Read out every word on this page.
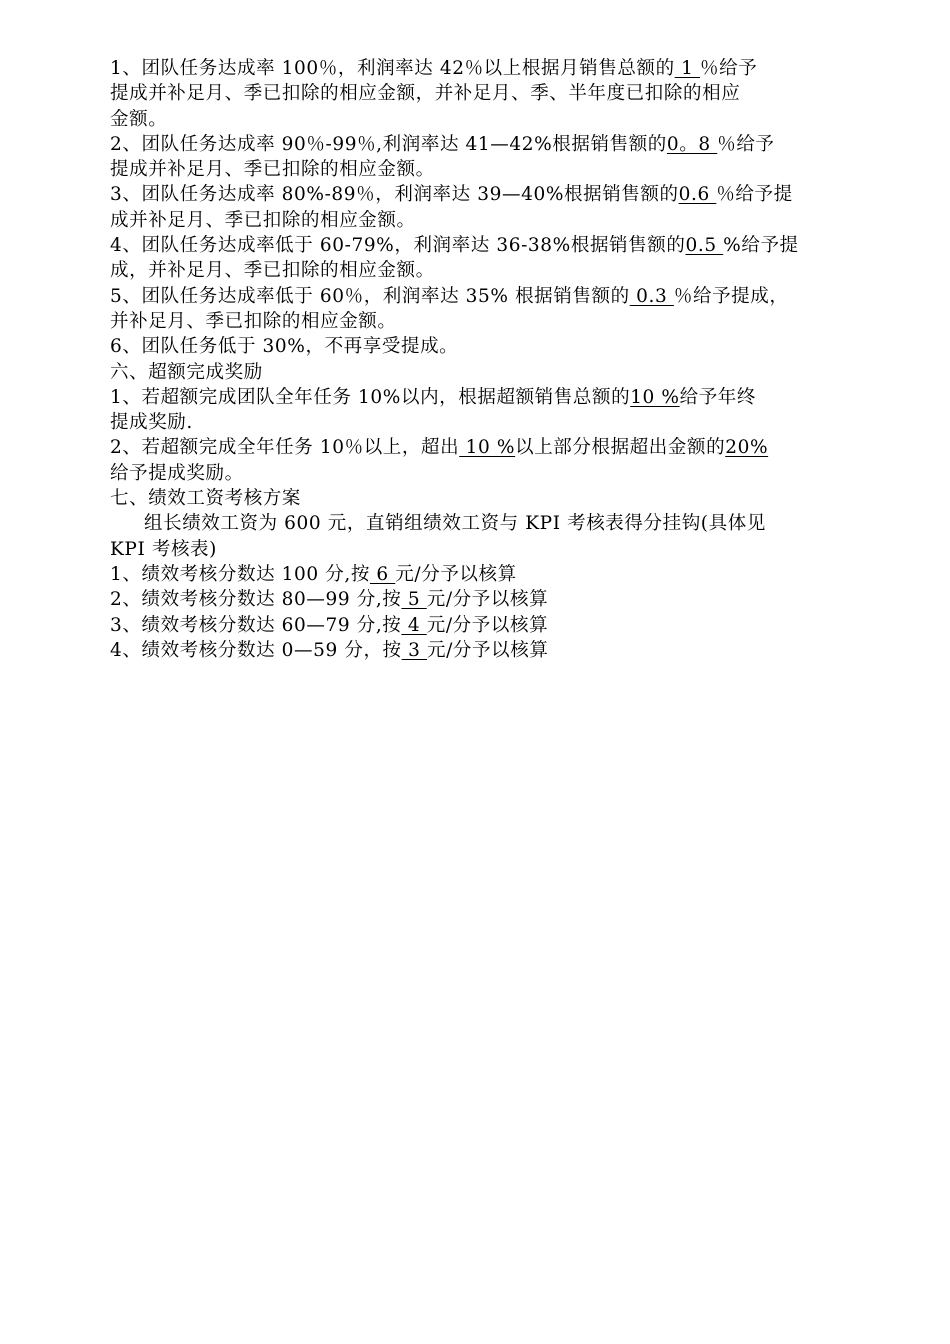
1、团队任务达成率 100％，利润率达 42％以上根据月销售总额的 1 ％给予
提成并补足月、季已扣除的相应金额，并补足月、季、半年度已扣除的相应
金额。
2、团队任务达成率 90％-99％,利润率达 41—42%根据销售额的0。8 ％给予
提成并补足月、季已扣除的相应金额。
3、团队任务达成率 80%-89％，利润率达 39—40%根据销售额的0.6 ％给予提
成并补足月、季已扣除的相应金额。
4、团队任务达成率低于 60-79%，利润率达 36-38%根据销售额的0.5 %给予提
成，并补足月、季已扣除的相应金额。
5、团队任务达成率低于 60％，利润率达 35% 根据销售额的 0.3 ％给予提成，
并补足月、季已扣除的相应金额。
6、团队任务低于 30%，不再享受提成。
六、超额完成奖励
1、若超额完成团队全年任务 10%以内，根据超额销售总额的10 %给予年终
提成奖励.
2、若超额完成全年任务 10％以上，超出 10 %以上部分根据超出金额的20%
给予提成奖励。
七、绩效工资考核方案
组长绩效工资为 600 元，直销组绩效工资与 KPI 考核表得分挂钩(具体见
KPI 考核表)
1、绩效考核分数达 100 分,按 6 元/分予以核算
2、绩效考核分数达 80—99 分,按 5 元/分予以核算
3、绩效考核分数达 60—79 分,按 4 元/分予以核算
4、绩效考核分数达 0—59 分，按 3 元/分予以核算
